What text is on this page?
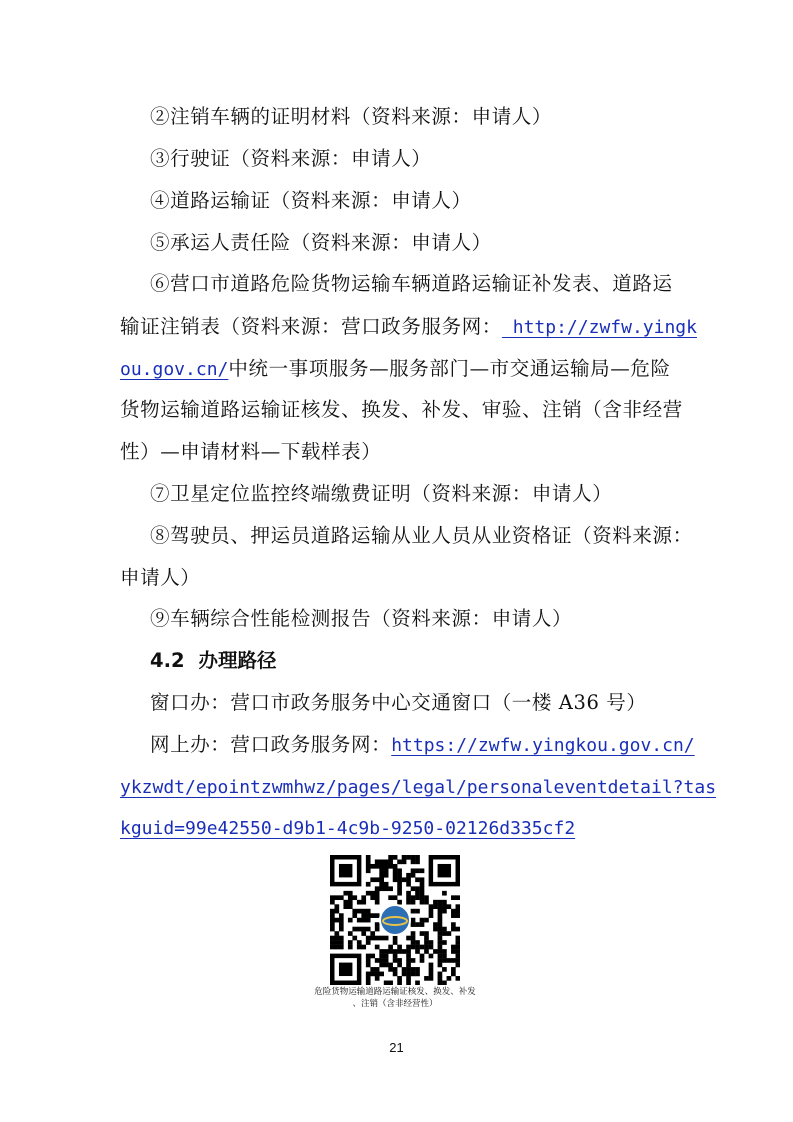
②注销车辆的证明材料（资料来源：申请人）
③行驶证（资料来源：申请人）
④道路运输证（资料来源：申请人）
⑤承运人责任险（资料来源：申请人）
⑥营口市道路危险货物运输车辆道路运输证补发表、道路运
输证注销表（资料来源：营口政务服务网： http://zwfw.yingk
ou.gov.cn/中统一事项服务—服务部门—市交通运输局—危险
货物运输道路运输证核发、换发、补发、审验、注销（含非经营
性）—申请材料—下载样表）
⑦卫星定位监控终端缴费证明（资料来源：申请人）
⑧驾驶员、押运员道路运输从业人员从业资格证（资料来源：
申请人）
⑨车辆综合性能检测报告（资料来源：申请人）
4.2 办理路径
窗口办：营口市政务服务中心交通窗口（一楼 A36 号）
网上办：营口政务服务网：https://zwfw.yingkou.gov.cn/
ykzwdt/epointzwmhwz/pages/legal/personaleventdetail?tas
kguid=99e42550-d9b1-4c9b-9250-02126d335cf2
危险货物运输道路运输证核发、换发、补发
、注销（含非经营性）
21
